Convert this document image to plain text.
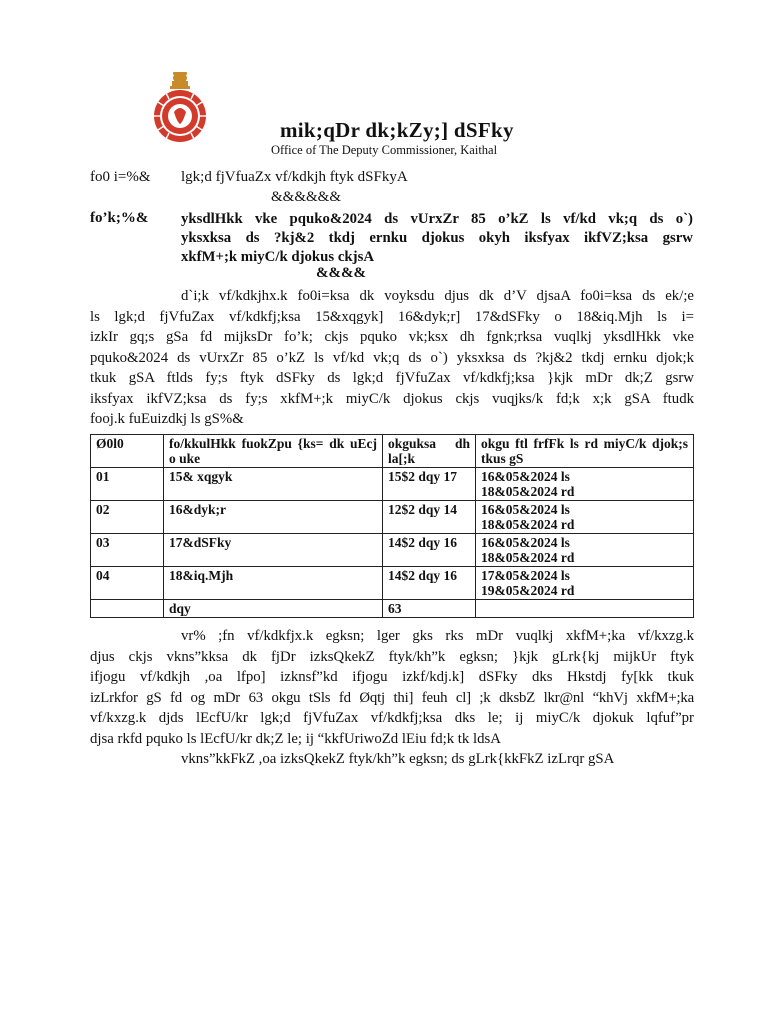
mik;qDr dk;kZy;] dSFky
Office of The Deputy Commissioner, Kaithal
fo0 i=%& lgk;d fjVfuaZx vf/kdkjh ftyk dSFkyA
&&&&&&
fo’k;%& yksdlHkk vke pquko&2024 ds vUrxZr 85 o’kZ ls vf/kd vk;q ds o`)
yksxksa ds ?kj&2 tkdj ernku djokus okyh iksfyax ikfVZ;ksa gsrw
xkfM+;k miyC/k djokus ckjsA
&&&&
d`i;k vf/kdkjhx.k fo0i=ksa dk voyksdu djus dk d’V djsaA fo0i=ksa ds ek/;e
ls lgk;d fjVfuZax vf/kdkfj;ksa 15&xqgyk] 16&dyk;r] 17&dSFky o 18&iq.Mjh ls i=
izkIr gq;s gSa fd mijksDr fo’k; ckjs pquko vk;ksx dh fgnk;rksa vuqlkj yksdlHkk vke
pquko&2024 ds vUrxZr 85 o’kZ ls vf/kd vk;q ds o`) yksxksa ds ?kj&2 tkdj ernku djok;k
tkuk gSA ftlds fy;s ftyk dSFky ds lgk;d fjVfuZax vf/kdkfj;ksa }kjk mDr dk;Z gsrw
iksfyax ikfVZ;ksa ds fy;s xkfM+;k miyC/k djokus ckjs vuqjks/k fd;k x;k gSA ftudk
fooj.k fuEuizdkj ls gS%&
Ø0l0	fo/kkulHkk fuokZpu {ks= dk uEcj o uke	okguksa dh la[;k	okgu ftl frfFk ls rd miyC/k djok;s tkus gS
01	15& xqgyk	15$2 dqy 17	16&05&2024 ls
18&05&2024 rd

02	16&dyk;r	12$2 dqy 14	16&05&2024 ls
18&05&2024 rd

03	17&dSFky	14$2 dqy 16	16&05&2024 ls
18&05&2024 rd

04	18&iq.Mjh	14$2 dqy 16	17&05&2024 ls
19&05&2024 rd

	dqy	63	
vr% ;fn vf/kdkfjx.k egksn; lger gks rks mDr vuqlkj xkfM+;ka vf/kxzg.k
djus ckjs vkns”kksa dk fjDr izksQkekZ ftyk/kh”k egksn; }kjk gLrk{kj mijkUr ftyk
ifjogu vf/kdkjh ,oa lfpo] izknsf”kd ifjogu izkf/kdj.k] dSFky dks Hkstdj fy[kk tkuk
izLrkfor gS fd og mDr 63 okgu tSls fd Øqtj thi] feuh cl] ;k dksbZ lkr@nl “khVj xkfM+;ka
vf/kxzg.k djds lEcfU/kr lgk;d fjVfuZax vf/kdkfj;ksa dks le; ij miyC/k djokuk lqfuf”pr
djsa rkfd pquko ls lEcfU/kr dk;Z le; ij “kkfUriwoZd lEiu fd;k tk ldsA
vkns”kkFkZ ,oa izksQkekZ ftyk/kh”k egksn; ds gLrk{kkFkZ izLrqr gSA
